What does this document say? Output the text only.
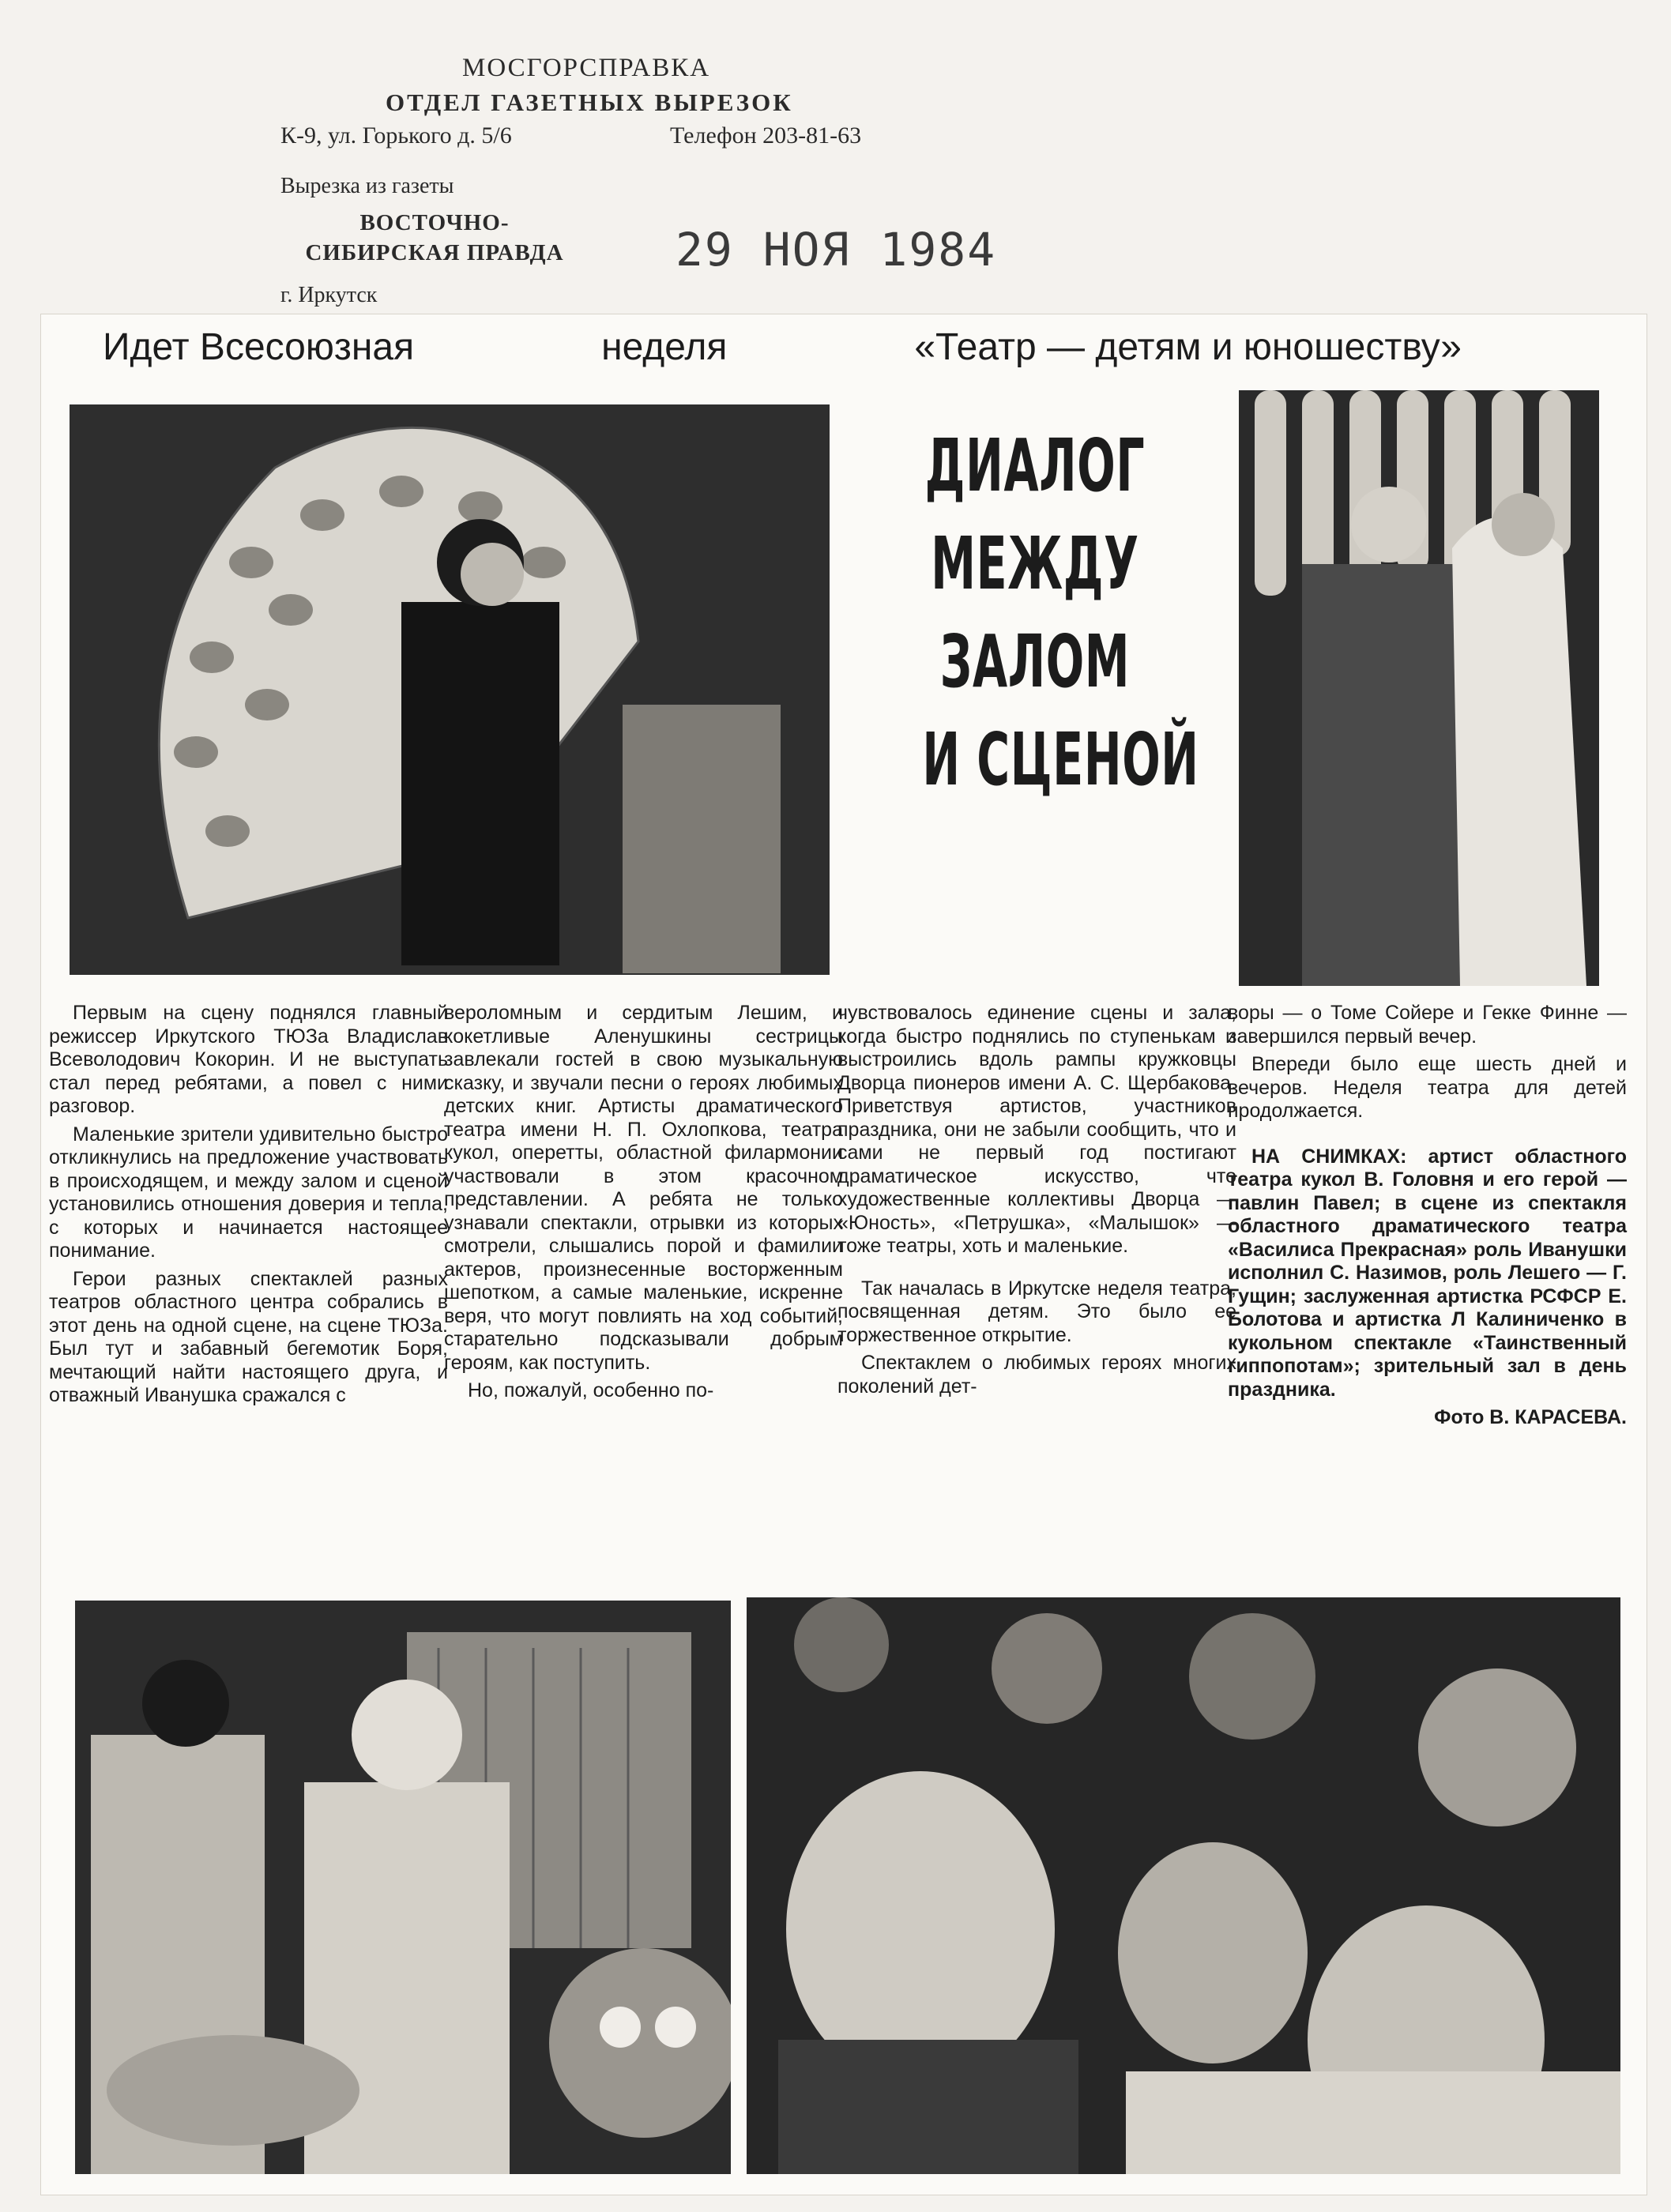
МОСГОРСПРАВКА
ОТДЕЛ ГАЗЕТНЫХ ВЫРЕЗОК
К-9, ул. Горького д. 5/6	Телефон 203-81-63
Вырезка из газеты
ВОСТОЧНО-
СИБИРСКАЯ ПРАВДА	29 НОЯ 1984
г. Иркутск
Идет Всесоюзная	неделя	«Театр — детям и юношеству»
ДИАЛОГ
МЕЖДУ
ЗАЛОМ
И СЦЕНОЙ

Первым на сцену поднялся главный режиссер Иркутского ТЮЗа Владислав Всеволодович Кокорин. И не выступать стал перед ребятами, а повел с ними разговор.

Маленькие зрители удивительно быстро откликнулись на предложение участвовать в происходящем, и между залом и сценой установились отношения доверия и тепла, с которых и начинается настоящее понимание.

Герои разных спектаклей разных театров областного центра собрались в этот день на одной сцене, на сцене ТЮЗа. Был тут и забавный бегемотик Боря, мечтающий найти настоящего друга, и отважный Иванушка сражался с

вероломным и сердитым Лешим, и кокетливые Аленушкины сестрицы завлекали гостей в свою музыкальную сказку, и звучали песни о героях любимых детских книг. Артисты драматического театра имени Н. П. Охлопкова, театра кукол, оперетты, областной филармонии участвовали в этом красочном представлении. А ребята не только узнавали спектакли, отрывки из которых смотрели, слышались порой и фамилии актеров, произнесенные восторженным шепотком, а самые маленькие, искренне веря, что могут повлиять на ход событий, старательно подсказывали добрым героям, как поступить.

Но, пожалуй, особенно по-

чувствовалось единение сцены и зала, когда быстро поднялись по ступенькам и выстроились вдоль рампы кружковцы Дворца пионеров имени А. С. Щербакова. Приветствуя артистов, участников праздника, они не забыли сообщить, что и сами не первый год постигают драматическое искусство, что художественные коллективы Дворца — «Юность», «Петрушка», «Малышок» — тоже театры, хоть и маленькие.

Так началась в Иркутске неделя театра, посвященная детям. Это было ее торжественное открытие.

Спектаклем о любимых героях многих поколений дет-

воры — о Томе Сойере и Гекке Финне — завершился первый вечер.

Впереди было еще шесть дней и вечеров. Неделя театра для детей продолжается.

НА СНИМКАХ: артист областного театра кукол В. Головня и его герой — павлин Павел; в сцене из спектакля областного драматического театра «Василиса Прекрасная» роль Иванушки исполнил С. Назимов, роль Лешего — Г. Гущин; заслуженная артистка РСФСР Е. Болотова и артистка Л Калиниченко в кукольном спектакле «Таинственный гиппопотам»; зрительный зал в день праздника.

Фото В. КАРАСЕВА.
